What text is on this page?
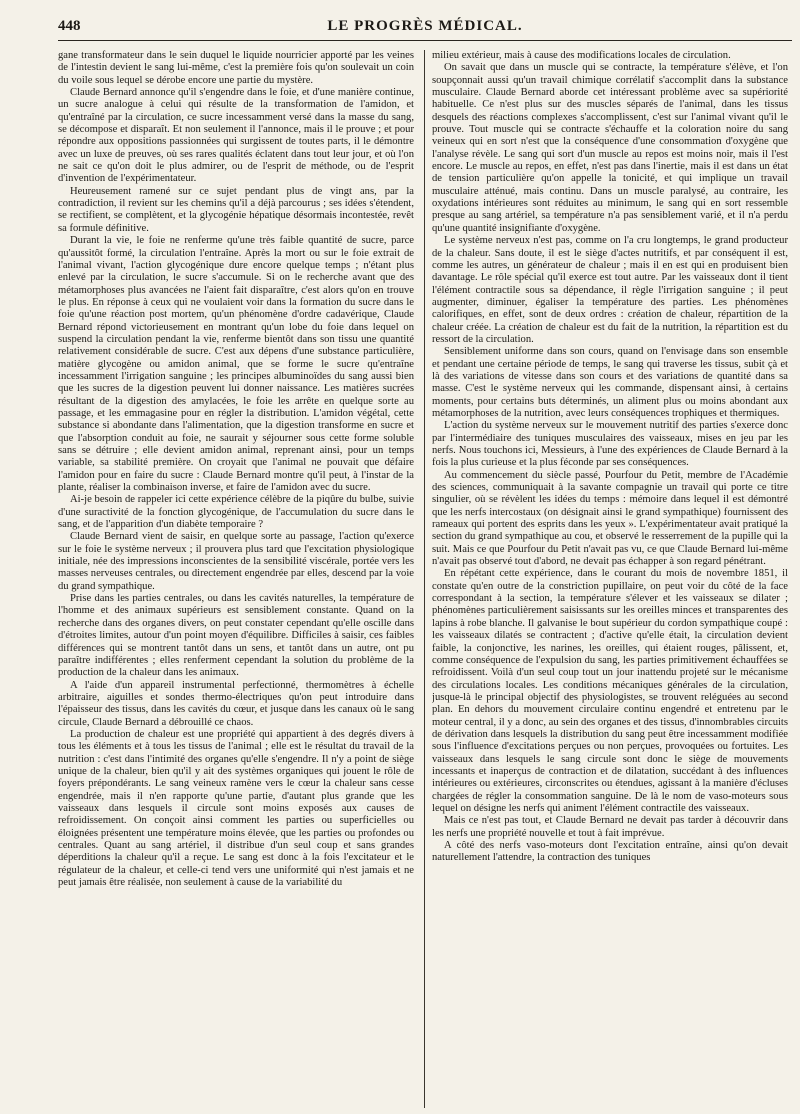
448	LE PROGRÈS MÉDICAL.

gane transformateur dans le sein duquel le liquide nourricier apporté par les veines de l'intestin devient le sang lui-même, c'est la première fois qu'on soulevait un coin du voile sous lequel se dérobe encore une partie du mystère.

Claude Bernard annonce qu'il s'engendre dans le foie, et d'une manière continue, un sucre analogue à celui qui résulte de la transformation de l'amidon, et qu'entraîné par la circulation, ce sucre incessamment versé dans la masse du sang, se décompose et disparaît. Et non seulement il l'annonce, mais il le prouve ; et pour répondre aux oppositions passionnées qui surgissent de toutes parts, il le démontre avec un luxe de preuves, où ses rares qualités éclatent dans tout leur jour, et où l'on ne sait ce qu'on doit le plus admirer, ou de l'esprit de méthode, ou de l'esprit d'invention de l'expérimentateur.

Heureusement ramené sur ce sujet pendant plus de vingt ans, par la contradiction, il revient sur les chemins qu'il a déjà parcourus ; ses idées s'étendent, se rectifient, se complètent, et la glycogénie hépatique désormais incontestée, revêt sa formule définitive.

Durant la vie, le foie ne renferme qu'une très faible quantité de sucre, parce qu'aussitôt formé, la circulation l'entraîne. Après la mort ou sur le foie extrait de l'animal vivant, l'action glycogénique dure encore quelque temps ; n'étant plus enlevé par la circulation, le sucre s'accumule. Si on le recherche avant que des métamorphoses plus avancées ne l'aient fait disparaître, c'est alors qu'on en trouve le plus. En réponse à ceux qui ne voulaient voir dans la formation du sucre dans le foie qu'une réaction post mortem, qu'un phénomène d'ordre cadavérique, Claude Bernard répond victorieusement en montrant qu'un lobe du foie dans lequel on suspend la circulation pendant la vie, renferme bientôt dans son tissu une quantité relativement considérable de sucre. C'est aux dépens d'une substance particulière, matière glycogène ou amidon animal, que se forme le sucre qu'entraîne incessamment l'irrigation sanguine ; les principes albuminoïdes du sang aussi bien que les sucres de la digestion peuvent lui donner naissance. Les matières sucrées résultant de la digestion des amylacées, le foie les arrête en quelque sorte au passage, et les emmagasine pour en régler la distribution. L'amidon végétal, cette substance si abondante dans l'alimentation, que la digestion transforme en sucre et que l'absorption conduit au foie, ne saurait y séjourner sous cette forme soluble sans se détruire ; elle devient amidon animal, reprenant ainsi, pour un temps variable, sa stabilité première. On croyait que l'animal ne pouvait que défaire l'amidon pour en faire du sucre : Claude Bernard montre qu'il peut, à l'instar de la plante, réaliser la combinaison inverse, et faire de l'amidon avec du sucre.

Ai-je besoin de rappeler ici cette expérience célèbre de la piqûre du bulbe, suivie d'une suractivité de la fonction glycogénique, de l'accumulation du sucre dans le sang, et de l'apparition d'un diabète temporaire ?

Claude Bernard vient de saisir, en quelque sorte au passage, l'action qu'exerce sur le foie le système nerveux ; il prouvera plus tard que l'excitation physiologique initiale, née des impressions inconscientes de la sensibilité viscérale, portée vers les masses nerveuses centrales, ou directement engendrée par elles, descend par la voie du grand sympathique.

Prise dans les parties centrales, ou dans les cavités naturelles, la température de l'homme et des animaux supérieurs est sensiblement constante. Quand on la recherche dans des organes divers, on peut constater cependant qu'elle oscille dans d'étroites limites, autour d'un point moyen d'équilibre. Difficiles à saisir, ces faibles différences qui se montrent tantôt dans un sens, et tantôt dans un autre, ont pu paraître indifférentes ; elles renferment cependant la solution du problème de la production de la chaleur dans les animaux.

A l'aide d'un appareil instrumental perfectionné, thermomètres à échelle arbitraire, aiguilles et sondes thermo-électriques qu'on peut introduire dans l'épaisseur des tissus, dans les cavités du cœur, et jusque dans les canaux où le sang circule, Claude Bernard a débrouillé ce chaos.

La production de chaleur est une propriété qui appartient à des degrés divers à tous les éléments et à tous les tissus de l'animal ; elle est le résultat du travail de la nutrition : c'est dans l'intimité des organes qu'elle s'engendre. Il n'y a point de siège unique de la chaleur, bien qu'il y ait des systèmes organiques qui jouent le rôle de foyers prépondérants. Le sang veineux ramène vers le cœur la chaleur sans cesse engendrée, mais il n'en rapporte qu'une partie, d'autant plus grande que les vaisseaux dans lesquels il circule sont moins exposés aux causes de refroidissement. On conçoit ainsi comment les parties ou superficielles ou éloignées présentent une température moins élevée, que les parties ou profondes ou centrales. Quant au sang artériel, il distribue d'un seul coup et sans grandes déperditions la chaleur qu'il a reçue. Le sang est donc à la fois l'excitateur et le régulateur de la chaleur, et celle-ci tend vers une uniformité qui n'est jamais et ne peut jamais être réalisée, non seulement à cause de la variabilité du

milieu extérieur, mais à cause des modifications locales de circulation.

On savait que dans un muscle qui se contracte, la température s'élève, et l'on soupçonnait aussi qu'un travail chimique corrélatif s'accomplit dans la substance musculaire. Claude Bernard aborde cet intéressant problème avec sa supériorité habituelle. Ce n'est plus sur des muscles séparés de l'animal, dans les tissus desquels des réactions complexes s'accomplissent, c'est sur l'animal vivant qu'il le prouve. Tout muscle qui se contracte s'échauffe et la coloration noire du sang veineux qui en sort n'est que la conséquence d'une consommation d'oxygène que l'analyse révèle. Le sang qui sort d'un muscle au repos est moins noir, mais il l'est encore. Le muscle au repos, en effet, n'est pas dans l'inertie, mais il est dans un état de tension particulière qu'on appelle la tonicité, et qui implique un travail musculaire atténué, mais continu. Dans un muscle paralysé, au contraire, les oxydations intérieures sont réduites au minimum, le sang qui en sort ressemble presque au sang artériel, sa température n'a pas sensiblement varié, et il n'a perdu qu'une quantité insignifiante d'oxygène.

Le système nerveux n'est pas, comme on l'a cru longtemps, le grand producteur de la chaleur. Sans doute, il est le siège d'actes nutritifs, et par conséquent il est, comme les autres, un générateur de chaleur ; mais il en est qui en produisent bien davantage. Le rôle spécial qu'il exerce est tout autre. Par les vaisseaux dont il tient l'élément contractile sous sa dépendance, il règle l'irrigation sanguine ; il peut augmenter, diminuer, égaliser la température des parties. Les phénomènes calorifiques, en effet, sont de deux ordres : création de chaleur, répartition de la chaleur créée. La création de chaleur est du fait de la nutrition, la répartition est du ressort de la circulation.

Sensiblement uniforme dans son cours, quand on l'envisage dans son ensemble et pendant une certaine période de temps, le sang qui traverse les tissus, subit çà et là des variations de vitesse dans son cours et des variations de quantité dans sa masse. C'est le système nerveux qui les commande, dispensant ainsi, à certains moments, pour certains buts déterminés, un aliment plus ou moins abondant aux métamorphoses de la nutrition, avec leurs conséquences trophiques et thermiques.

L'action du système nerveux sur le mouvement nutritif des parties s'exerce donc par l'intermédiaire des tuniques musculaires des vaisseaux, mises en jeu par les nerfs. Nous touchons ici, Messieurs, à l'une des expériences de Claude Bernard à la fois la plus curieuse et la plus féconde par ses conséquences.

Au commencement du siècle passé, Pourfour du Petit, membre de l'Académie des sciences, communiquait à la savante compagnie un travail qui porte ce titre singulier, où se révèlent les idées du temps : mémoire dans lequel il est démontré que les nerfs intercostaux (on désignait ainsi le grand sympathique) fournissent des rameaux qui portent des esprits dans les yeux ». L'expérimentateur avait pratiqué la section du grand sympathique au cou, et observé le resserrement de la pupille qui la suit. Mais ce que Pourfour du Petit n'avait pas vu, ce que Claude Bernard lui-même n'avait pas observé tout d'abord, ne devait pas échapper à son regard pénétrant.

En répétant cette expérience, dans le courant du mois de novembre 1851, il constate qu'en outre de la constriction pupillaire, on peut voir du côté de la face correspondant à la section, la température s'élever et les vaisseaux se dilater ; phénomènes particulièrement saisissants sur les oreilles minces et transparentes des lapins à robe blanche. Il galvanise le bout supérieur du cordon sympathique coupé : les vaisseaux dilatés se contractent ; d'active qu'elle était, la circulation devient faible, la conjonctive, les narines, les oreilles, qui étaient rouges, pâlissent, et, comme conséquence de l'expulsion du sang, les parties primitivement échauffées se refroidissent. Voilà d'un seul coup tout un jour inattendu projeté sur le mécanisme des circulations locales. Les conditions mécaniques générales de la circulation, jusque-là le principal objectif des physiologistes, se trouvent reléguées au second plan. En dehors du mouvement circulaire continu engendré et entretenu par le moteur central, il y a donc, au sein des organes et des tissus, d'innombrables circuits de dérivation dans lesquels la distribution du sang peut être incessamment modifiée sous l'influence d'excitations perçues ou non perçues, provoquées ou fortuites. Les vaisseaux dans lesquels le sang circule sont donc le siège de mouvements incessants et inaperçus de contraction et de dilatation, succédant à des influences intérieures ou extérieures, circonscrites ou étendues, agissant à la manière d'écluses chargées de régler la consommation sanguine. De là le nom de vaso-moteurs sous lequel on désigne les nerfs qui animent l'élément contractile des vaisseaux.

Mais ce n'est pas tout, et Claude Bernard ne devait pas tarder à découvrir dans les nerfs une propriété nouvelle et tout à fait imprévue.

A côté des nerfs vaso-moteurs dont l'excitation entraîne, ainsi qu'on devait naturellement l'attendre, la contraction des tuniques
